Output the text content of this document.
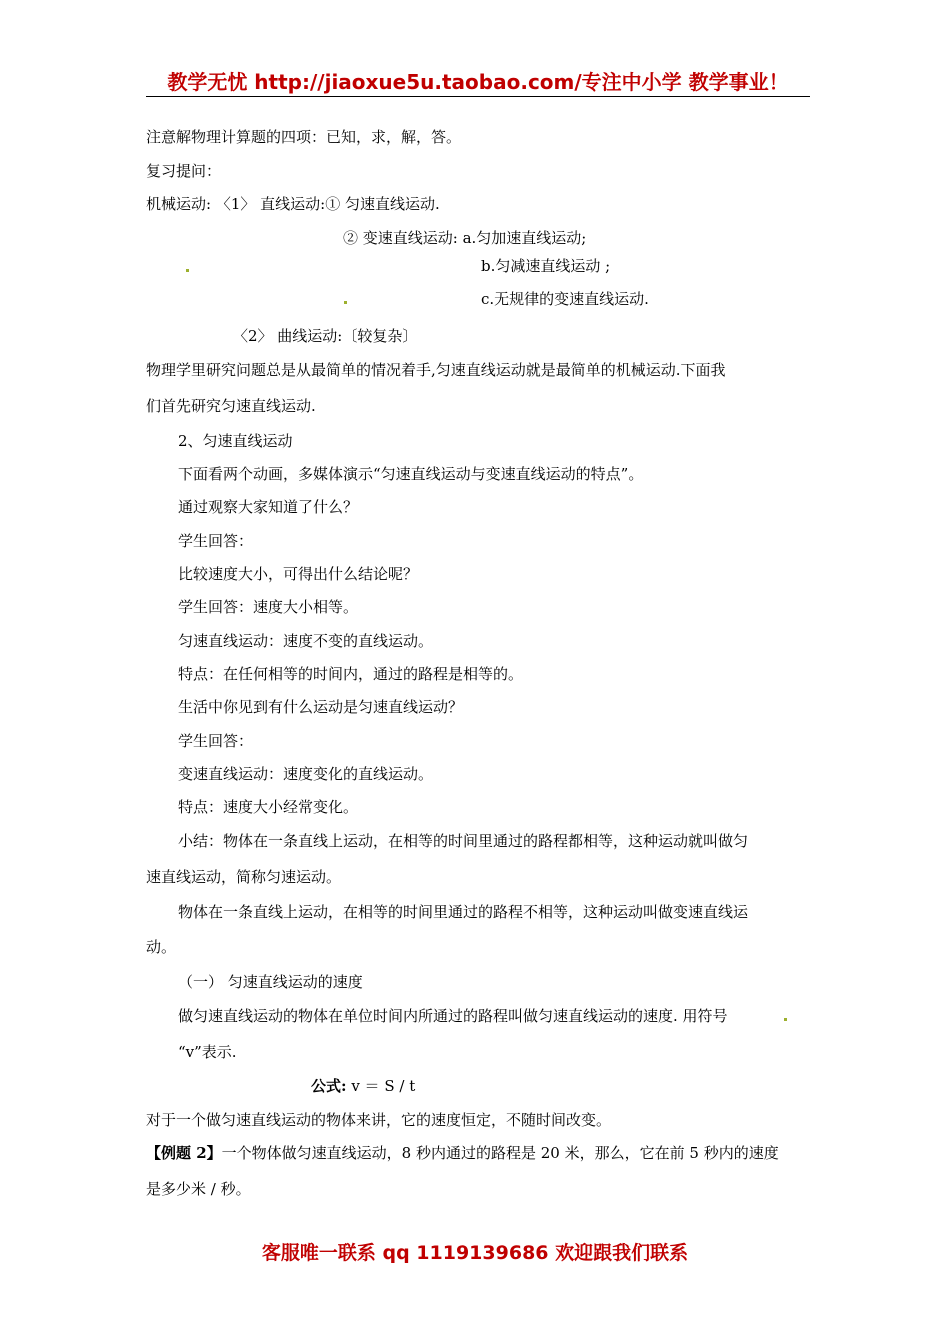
教学无忧 http://jiaoxue5u.taobao.com/专注中小学 教学事业！
注意解物理计算题的四项：已知，求，解，答。
复习提问：
机械运动: 〈1〉 直线运动:① 匀速直线运动.
② 变速直线运动: a.匀加速直线运动;
b.匀减速直线运动 ;
c.无规律的变速直线运动.
〈2〉 曲线运动:〔较复杂〕
物理学里研究问题总是从最简单的情况着手,匀速直线运动就是最简单的机械运动.下面我
们首先研究匀速直线运动.
2、匀速直线运动
下面看两个动画，多媒体演示“匀速直线运动与变速直线运动的特点”。
通过观察大家知道了什么？
学生回答：
比较速度大小，可得出什么结论呢？
学生回答：速度大小相等。
匀速直线运动：速度不变的直线运动。
特点：在任何相等的时间内，通过的路程是相等的。
生活中你见到有什么运动是匀速直线运动？
学生回答：
变速直线运动：速度变化的直线运动。
特点：速度大小经常变化。
小结：物体在一条直线上运动，在相等的时间里通过的路程都相等，这种运动就叫做匀
速直线运动，简称匀速运动。
物体在一条直线上运动，在相等的时间里通过的路程不相等，这种运动叫做变速直线运
动。
（一） 匀速直线运动的速度
做匀速直线运动的物体在单位时间内所通过的路程叫做匀速直线运动的速度. 用符号
“v”表示.
公式: v ＝ S / t
对于一个做匀速直线运动的物体来讲，它的速度恒定，不随时间改变。
【例题 2】一个物体做匀速直线运动，8 秒内通过的路程是 20 米，那么，它在前 5 秒内的速度
是多少米 / 秒。
客服唯一联系 qq 1119139686 欢迎跟我们联系
